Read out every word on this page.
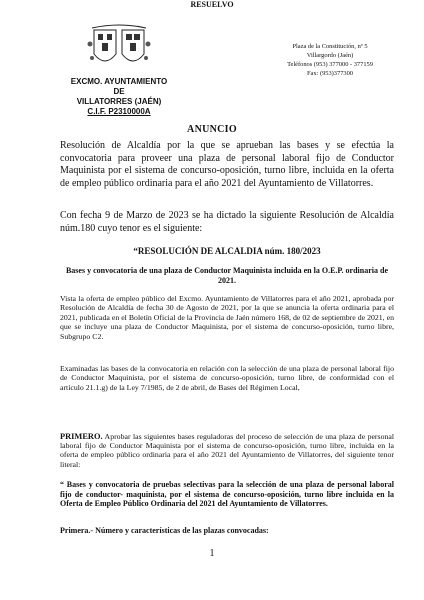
EXCMO. AYUNTAMIENTO
DE
VILLATORRES (JAÉN)
C.I.F. P2310000A
Plaza de la Constitución, nº 5
Villargordo (Jaén)
Teléfonos (953) 377000 - 377159
Fax: (953)377300
ANUNCIO
Resolución de Alcaldía por la que se aprueban las bases y se efectúa la convocatoria para proveer una plaza de personal laboral fijo de Conductor Maquinista por el sistema de concurso-oposición, turno libre, incluida en la oferta de empleo público ordinaria para el año 2021 del Ayuntamiento de Villatorres.
Con fecha 9 de Marzo de 2023 se ha dictado la siguiente Resolución de Alcaldía núm.180 cuyo tenor es el siguiente:
“RESOLUCIÓN DE ALCALDIA núm. 180/2023
Bases y convocatoria de una plaza de Conductor Maquinista incluida en la O.E.P. ordinaria de 2021.
Vista la oferta de empleo público del Excmo. Ayuntamiento de Villatorres para el año 2021, aprobada por Resolución de Alcaldía de fecha 30 de Agosto de 2021, por la que se anuncia la oferta ordinaria para el 2021, publicada en el Boletín Oficial de la Provincia de Jaén número 168, de 02 de septiembre de 2021, en que se incluye una plaza de Conductor Maquinista, por el sistema de concurso-oposición, turno libre, Subgrupo C2.
Examinadas las bases de la convocatoria en relación con la selección de una plaza de personal laboral fijo de Conductor Maquinista, por el sistema de concurso-oposición, turno libre, de conformidad con el artículo 21.1.g) de la Ley 7/1985, de 2 de abril, de Bases del Régimen Local,
RESUELVO
PRIMERO. Aprobar las siguientes bases reguladoras del proceso de selección de una plaza de personal laboral fijo de Conductor Maquinista por el sistema de concurso-oposición, turno libre, incluida en la oferta de empleo público ordinaria para el año 2021 del Ayuntamiento de Villatorres, del siguiente tenor literal:
“ Bases y convocatoria de pruebas selectivas para la selección de una plaza de personal laboral fijo de conductor- maquinista, por el sistema de concurso-oposición, turno libre incluida en la Oferta de Empleo Público Ordinaria del 2021 del Ayuntamiento de Villatorres.
Primera.- Número y características de las plazas convocadas:
1
